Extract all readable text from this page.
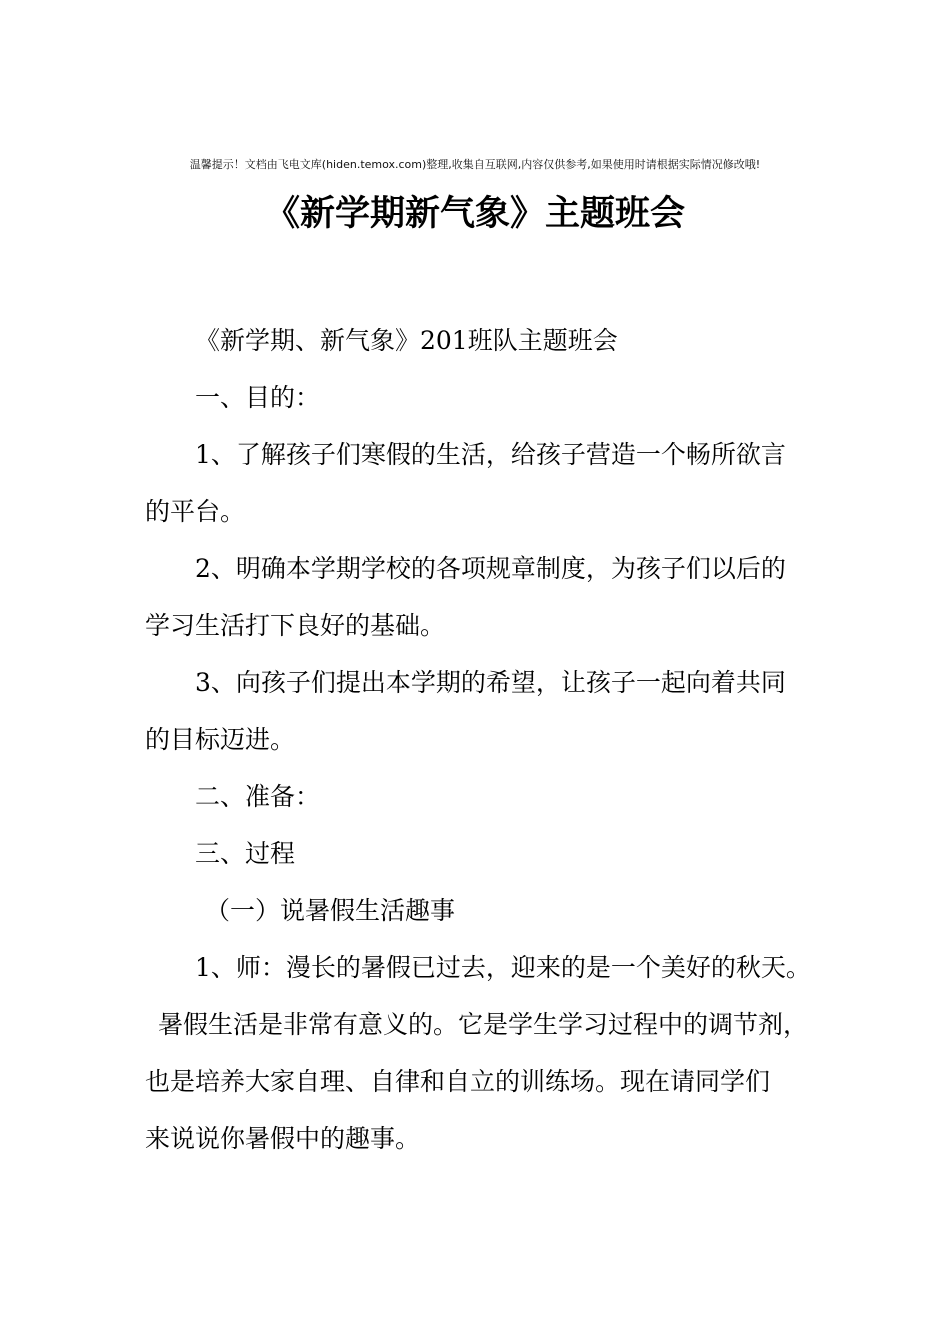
温馨提示！文档由飞电文库(hiden.temox.com)整理,收集自互联网,内容仅供参考,如果使用时请根据实际情况修改哦!
《新学期新气象》主题班会
《新学期、新气象》201班队主题班会
一、目的：
1、了解孩子们寒假的生活，给孩子营造一个畅所欲言
的平台。
2、明确本学期学校的各项规章制度，为孩子们以后的
学习生活打下良好的基础。
3、向孩子们提出本学期的希望，让孩子一起向着共同
的目标迈进。
二、准备：
三、过程
（一）说暑假生活趣事
1、师：漫长的暑假已过去，迎来的是一个美好的秋天。
暑假生活是非常有意义的。它是学生学习过程中的调节剂，
也是培养大家自理、自律和自立的训练场。现在请同学们
来说说你暑假中的趣事。
